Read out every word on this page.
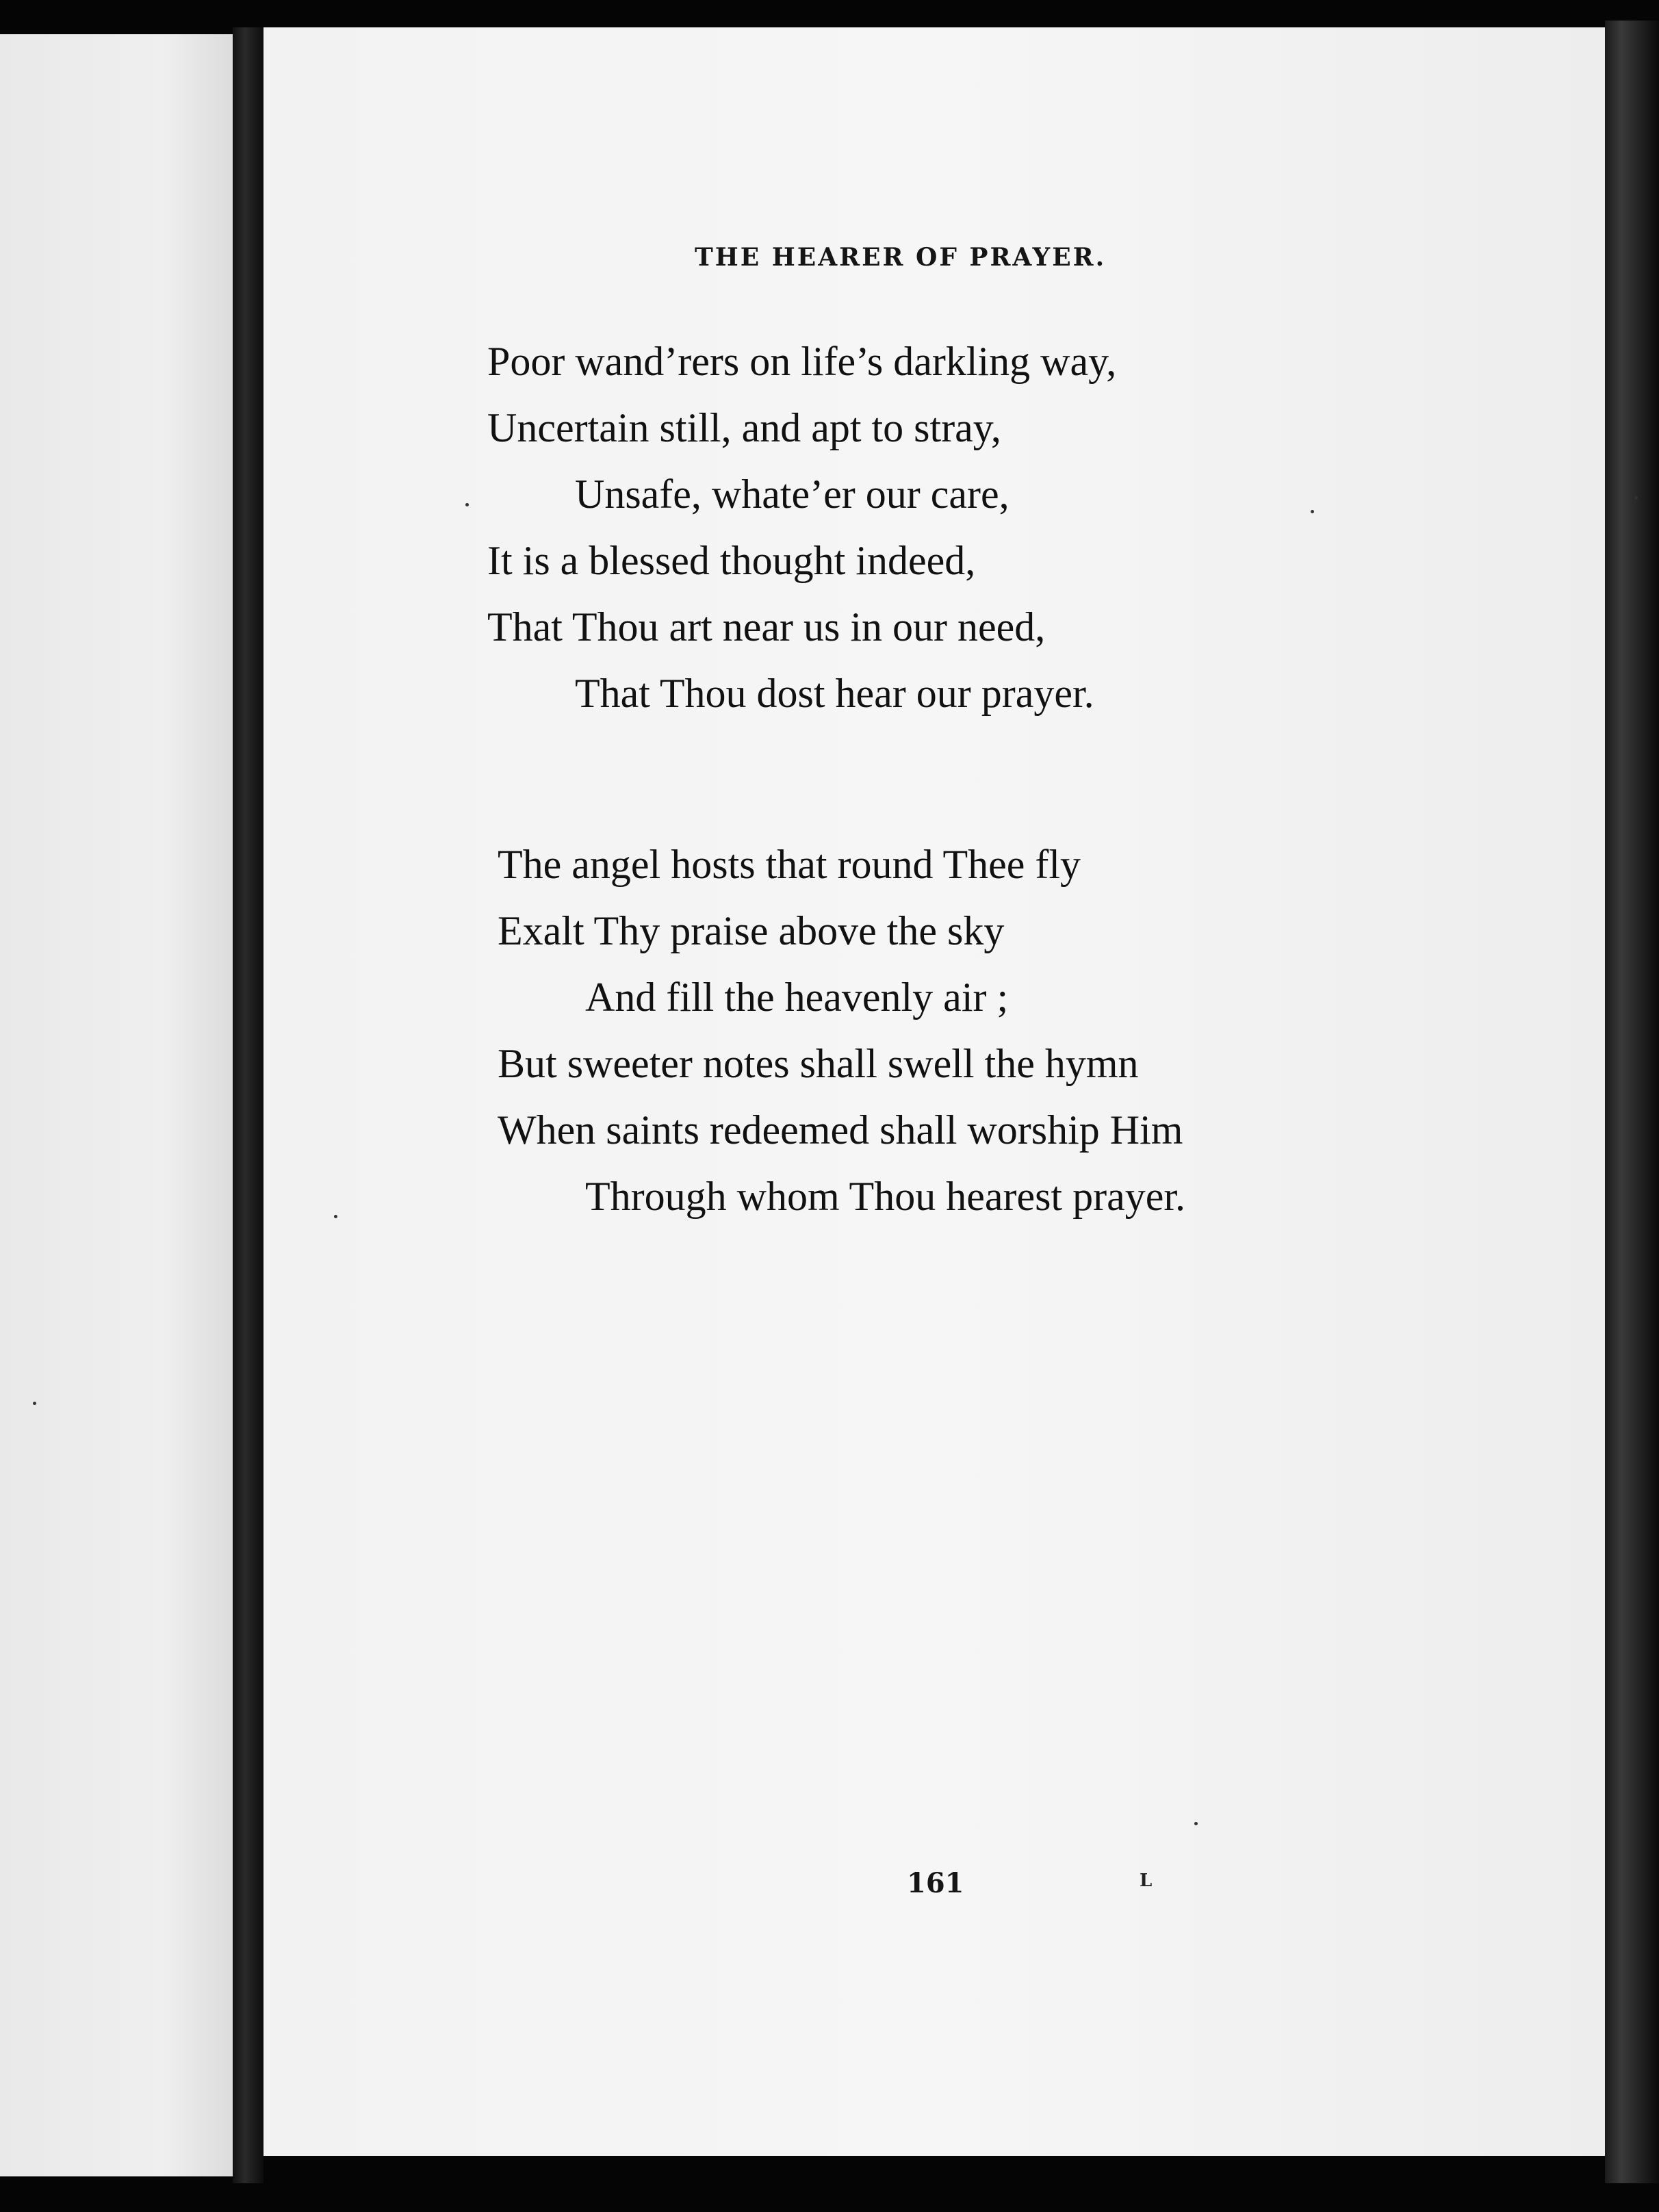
THE HEARER OF PRAYER.
Poor wand’rers on life’s darkling way,
Uncertain still, and apt to stray,
Unsafe, whate’er our care,
It is a blessed thought indeed,
That Thou art near us in our need,
That Thou dost hear our prayer.
The angel hosts that round Thee fly
Exalt Thy praise above the sky
And fill the heavenly air ;
But sweeter notes shall swell the hymn
When saints redeemed shall worship Him
Through whom Thou hearest prayer.
161	L
